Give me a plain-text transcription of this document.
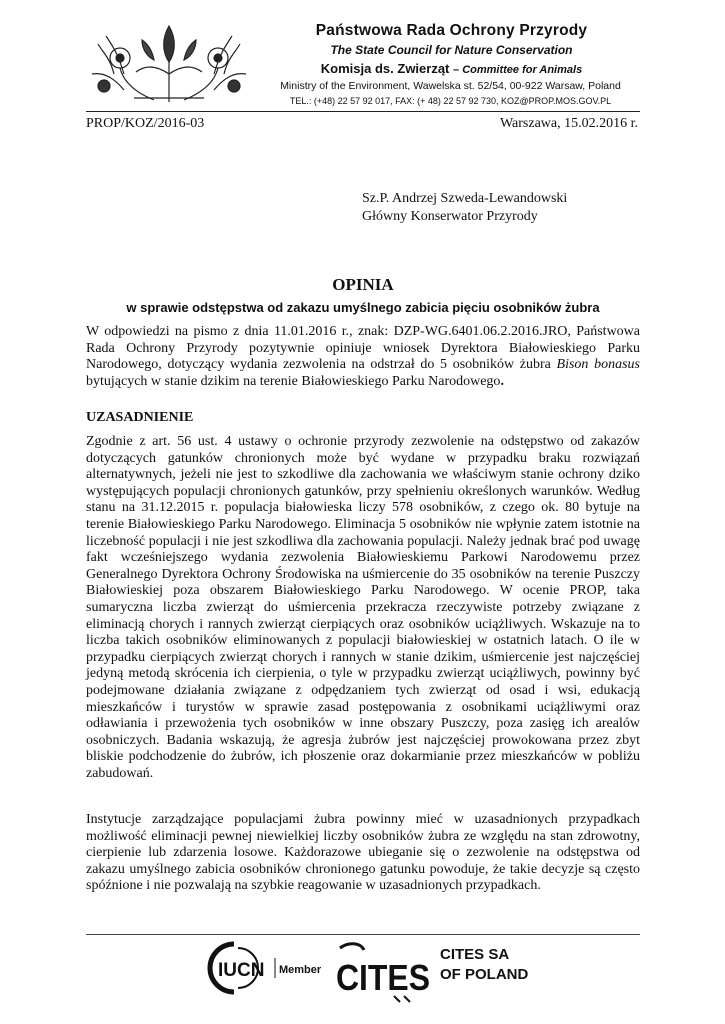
Państwowa Rada Ochrony Przyrody
The State Council for Nature Conservation
Komisja ds. Zwierząt – Committee for Animals
Ministry of the Environment, Wawelska st. 52/54, 00-922 Warsaw, Poland
TEL.: (+48) 22 57 92 017, FAX: (+ 48) 22 57 92 730, KOZ@PROP.MOS.GOV.PL
PROP/KOZ/2016-03	Warszawa, 15.02.2016 r.
Sz.P. Andrzej Szweda-Lewandowski
Główny Konserwator Przyrody
OPINIA
w sprawie odstępstwa od zakazu umyślnego zabicia pięciu osobników żubra
W odpowiedzi na pismo z dnia 11.01.2016 r., znak: DZP-WG.6401.06.2.2016.JRO, Państwowa Rada Ochrony Przyrody pozytywnie opiniuje wniosek Dyrektora Białowieskiego Parku Narodowego, dotyczący wydania zezwolenia na odstrzał do 5 osobników żubra Bison bonasus bytujących w stanie dzikim na terenie Białowieskiego Parku Narodowego.
UZASADNIENIE
Zgodnie z art. 56 ust. 4 ustawy o ochronie przyrody zezwolenie na odstępstwo od zakazów dotyczących gatunków chronionych może być wydane w przypadku braku rozwiązań alternatywnych, jeżeli nie jest to szkodliwe dla zachowania we właściwym stanie ochrony dziko występujących populacji chronionych gatunków, przy spełnieniu określonych warunków. Według stanu na 31.12.2015 r. populacja białowieska liczy 578 osobników, z czego ok. 80 bytuje na terenie Białowieskiego Parku Narodowego. Eliminacja 5 osobników nie wpłynie zatem istotnie na liczebność populacji i nie jest szkodliwa dla zachowania populacji. Należy jednak brać pod uwagę fakt wcześniejszego wydania zezwolenia Białowieskiemu Parkowi Narodowemu przez Generalnego Dyrektora Ochrony Środowiska na uśmiercenie do 35 osobników na terenie Puszczy Białowieskiej poza obszarem Białowieskiego Parku Narodowego. W ocenie PROP, taka sumaryczna liczba zwierząt do uśmiercenia przekracza rzeczywiste potrzeby związane z eliminacją chorych i rannych zwierząt cierpiących oraz osobników uciążliwych. Wskazuje na to liczba takich osobników eliminowanych z populacji białowieskiej w ostatnich latach. O ile w przypadku cierpiących zwierząt chorych i rannych w stanie dzikim, uśmiercenie jest najczęściej jedyną metodą skrócenia ich cierpienia, o tyle w przypadku zwierząt uciążliwych, powinny być podejmowane działania związane z odpędzaniem tych zwierząt od osad i wsi, edukacją mieszkańców i turystów w sprawie zasad postępowania z osobnikami uciążliwymi oraz odławiania i przewożenia tych osobników w inne obszary Puszczy, poza zasięg ich arealów osobniczych. Badania wskazują, że agresja żubrów jest najczęściej prowokowana przez zbyt bliskie podchodzenie do żubrów, ich płoszenie oraz dokarmianie przez mieszkańców w pobliżu zabudowań.
Instytucje zarządzające populacjami żubra powinny mieć w uzasadnionych przypadkach możliwość eliminacji pewnej niewielkiej liczby osobników żubra ze względu na stan zdrowotny, cierpienie lub zdarzenia losowe. Każdorazowe ubieganie się o zezwolenie na odstępstwa od zakazu umyślnego zabicia osobników chronionego gatunku powoduje, że takie decyzje są często spóźnione i nie pozwalają na szybkie reagowanie w uzasadnionych przypadkach.
IUCN Member CITES
CITES SA
OF POLAND
